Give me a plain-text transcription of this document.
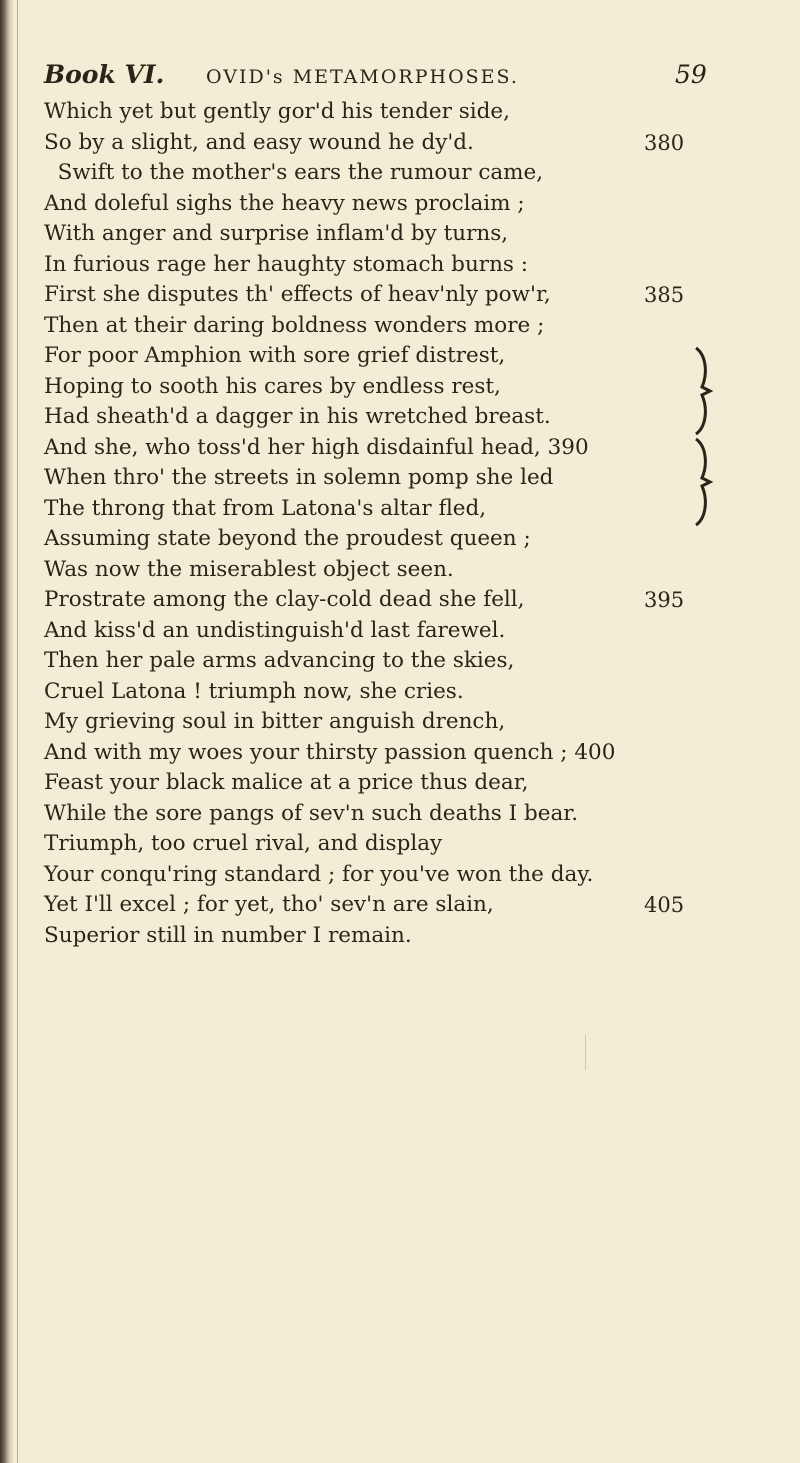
Book VI. OVID's METAMORPHOSES.	59
Which yet but gently gor'd his tender side,
So by a slight, and easy wound he dy'd.	380
Swift to the mother's ears the rumour came,
And doleful sighs the heavy news proclaim ;
With anger and surprise inflam'd by turns,
In furious rage her haughty stomach burns :
First she disputes th' effects of heav'nly pow'r,	385
Then at their daring boldness wonders more ;
For poor Amphion with sore grief distrest,
Hoping to sooth his cares by endless rest,
Had sheath'd a dagger in his wretched breast.
And she, who toss'd her high disdainful head, 390
When thro' the streets in solemn pomp she led
The throng that from Latona's altar fled,
Assuming state beyond the proudest queen ;
Was now the miserablest object seen.
Prostrate among the clay-cold dead she fell,	395
And kiss'd an undistinguish'd last farewel.
Then her pale arms advancing to the skies,
Cruel Latona ! triumph now, she cries.
My grieving soul in bitter anguish drench,
And with my woes your thirsty passion quench ; 400
Feast your black malice at a price thus dear,
While the sore pangs of sev'n such deaths I bear.
Triumph, too cruel rival, and display
Your conqu'ring standard ; for you've won the day.
Yet I'll excel ; for yet, tho' sev'n are slain,	405
Superior still in number I remain.
